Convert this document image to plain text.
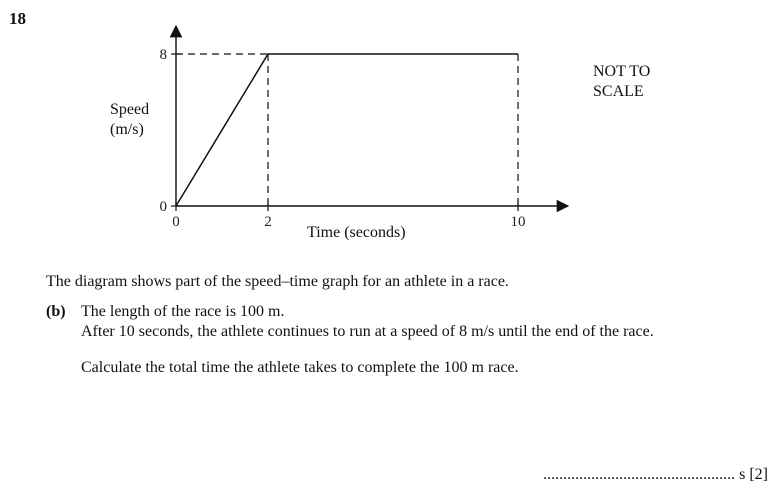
18
0
8
0	2	10
Speed
(m/s)
NOT TO
SCALE
Time (seconds)
The diagram shows part of the speed–time graph for an athlete in a race.
(b) The length of the race is 100 m.
After 10 seconds, the athlete continues to run at a speed of 8 m/s until the end of the race.
Calculate the total time the athlete takes to complete the 100 m race.
................................................ s [2]
